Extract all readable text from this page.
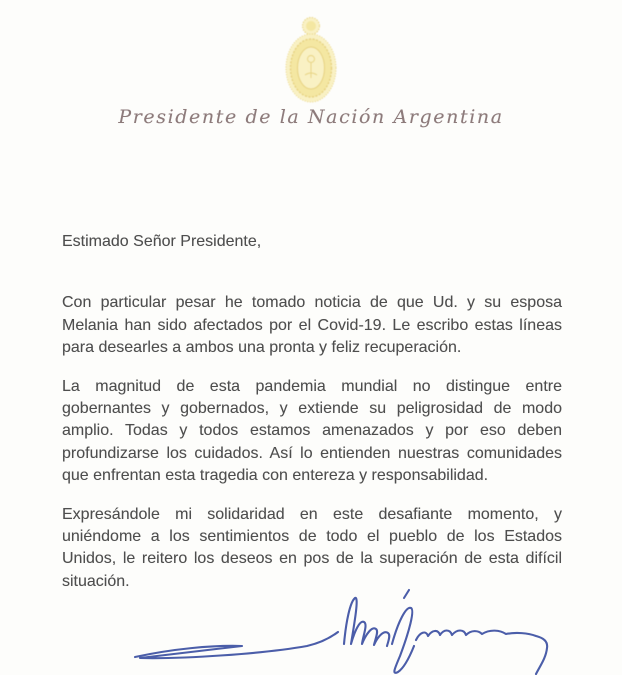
Presidente de la Nación Argentina

Estimado Señor Presidente,

Con particular pesar he tomado noticia de que Ud. y su esposa Melania han sido afectados por el Covid-19. Le escribo estas líneas para desearles a ambos una pronta y feliz recuperación.

La magnitud de esta pandemia mundial no distingue entre gobernantes y gobernados, y extiende su peligrosidad de modo amplio. Todas y todos estamos amenazados y por eso deben profundizarse los cuidados. Así lo entienden nuestras comunidades que enfrentan esta tragedia con entereza y responsabilidad.

Expresándole mi solidaridad en este desafiante momento, y uniéndome a los sentimientos de todo el pueblo de los Estados Unidos, le reitero los deseos en pos de la superación de esta difícil situación.
